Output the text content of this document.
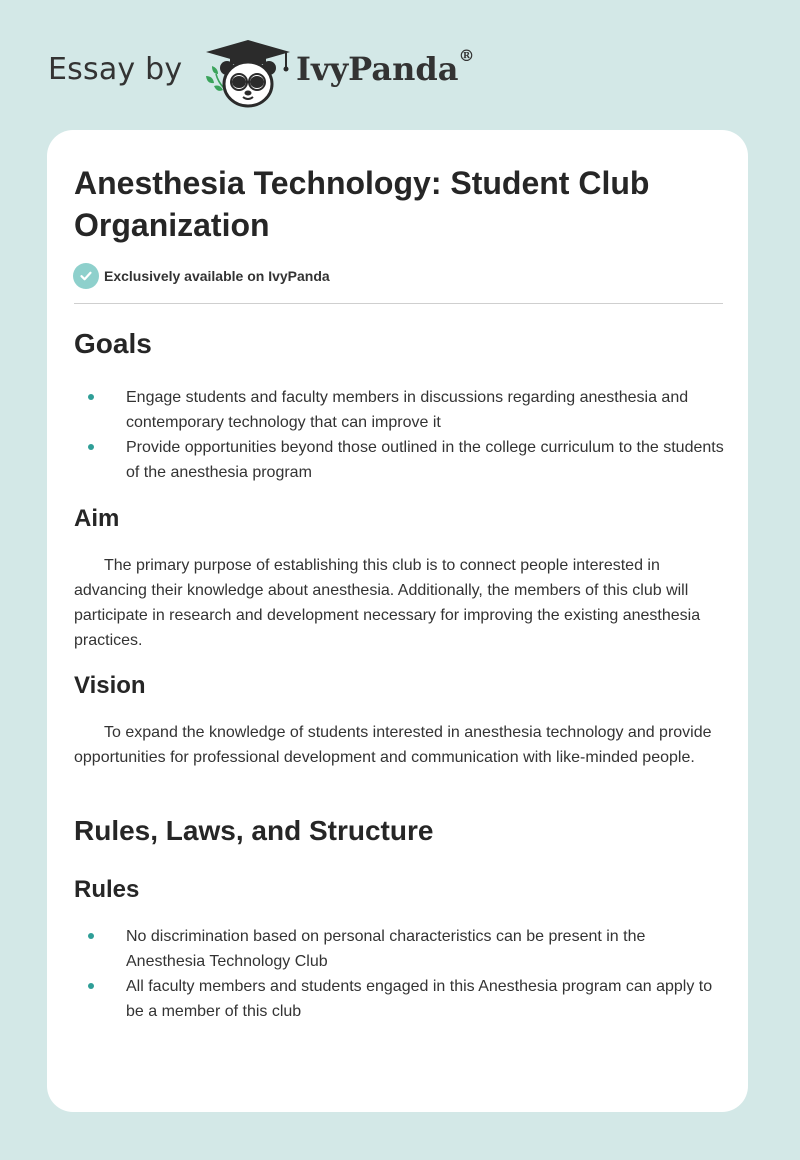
Essay by	IvyPanda®
Anesthesia Technology: Student Club Organization
Exclusively available on IvyPanda
Goals
Engage students and faculty members in discussions regarding anesthesia and contemporary technology that can improve it
Provide opportunities beyond those outlined in the college curriculum to the students of the anesthesia program
Aim

The primary purpose of establishing this club is to connect people interested in advancing their knowledge about anesthesia. Additionally, the members of this club will participate in research and development necessary for improving the existing anesthesia practices.

Vision

To expand the knowledge of students interested in anesthesia technology and provide opportunities for professional development and communication with like-minded people.

Rules, Laws, and Structure
Rules
No discrimination based on personal characteristics can be present in the Anesthesia Technology Club
All faculty members and students engaged in this Anesthesia program can apply to be a member of this club
